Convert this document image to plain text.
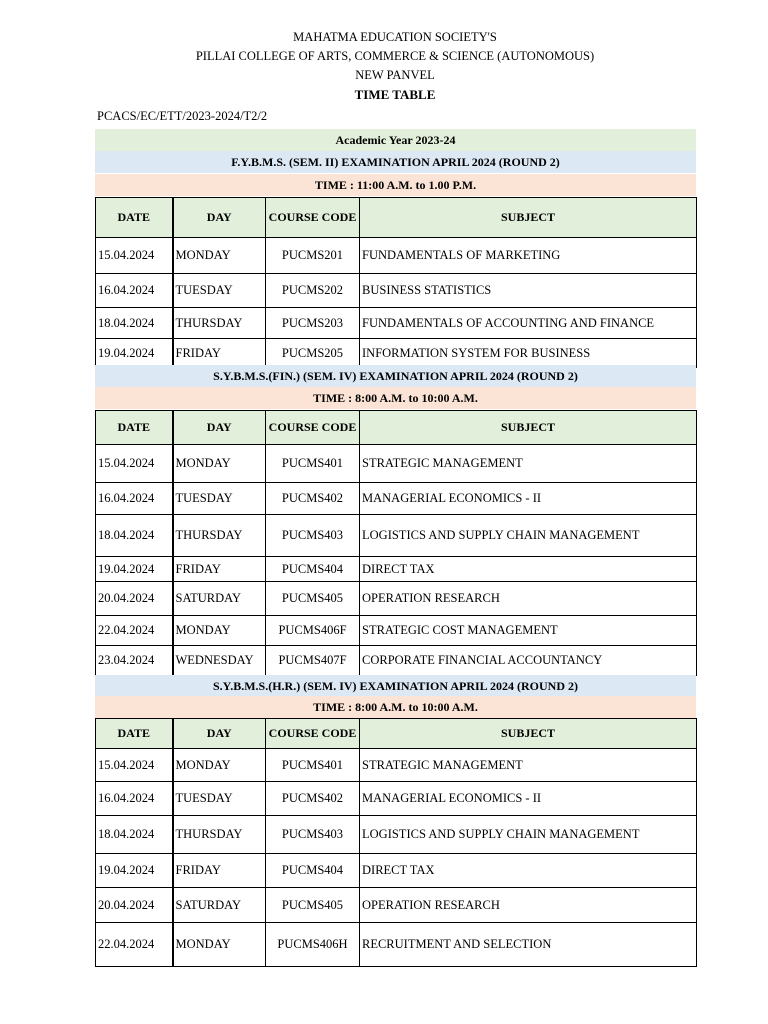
MAHATMA EDUCATION SOCIETY'S
PILLAI COLLEGE OF ARTS, COMMERCE & SCIENCE (AUTONOMOUS)
NEW PANVEL
TIME TABLE
PCACS/EC/ETT/2023-2024/T2/2
Academic Year 2023-24
F.Y.B.M.S. (SEM. II) EXAMINATION APRIL 2024 (ROUND 2)
TIME : 11:00 A.M. to 1.00 P.M.
DATE	DAY	COURSE CODE	SUBJECT
15.04.2024	MONDAY	PUCMS201	FUNDAMENTALS OF MARKETING
16.04.2024	TUESDAY	PUCMS202	BUSINESS STATISTICS
18.04.2024	THURSDAY	PUCMS203	FUNDAMENTALS OF ACCOUNTING AND FINANCE
19.04.2024	FRIDAY	PUCMS205	INFORMATION SYSTEM FOR BUSINESS
S.Y.B.M.S.(FIN.) (SEM. IV) EXAMINATION APRIL 2024 (ROUND 2)
TIME : 8:00 A.M. to 10:00 A.M.
DATE	DAY	COURSE CODE	SUBJECT
15.04.2024	MONDAY	PUCMS401	STRATEGIC MANAGEMENT
16.04.2024	TUESDAY	PUCMS402	MANAGERIAL ECONOMICS - II
18.04.2024	THURSDAY	PUCMS403	LOGISTICS AND SUPPLY CHAIN MANAGEMENT
19.04.2024	FRIDAY	PUCMS404	DIRECT TAX
20.04.2024	SATURDAY	PUCMS405	OPERATION RESEARCH
22.04.2024	MONDAY	PUCMS406F	STRATEGIC COST MANAGEMENT
23.04.2024	WEDNESDAY	PUCMS407F	CORPORATE FINANCIAL ACCOUNTANCY
S.Y.B.M.S.(H.R.) (SEM. IV) EXAMINATION APRIL 2024 (ROUND 2)
TIME : 8:00 A.M. to 10:00 A.M.
DATE	DAY	COURSE CODE	SUBJECT
15.04.2024	MONDAY	PUCMS401	STRATEGIC MANAGEMENT
16.04.2024	TUESDAY	PUCMS402	MANAGERIAL ECONOMICS - II
18.04.2024	THURSDAY	PUCMS403	LOGISTICS AND SUPPLY CHAIN MANAGEMENT
19.04.2024	FRIDAY	PUCMS404	DIRECT TAX
20.04.2024	SATURDAY	PUCMS405	OPERATION RESEARCH
22.04.2024	MONDAY	PUCMS406H	RECRUITMENT AND SELECTION
